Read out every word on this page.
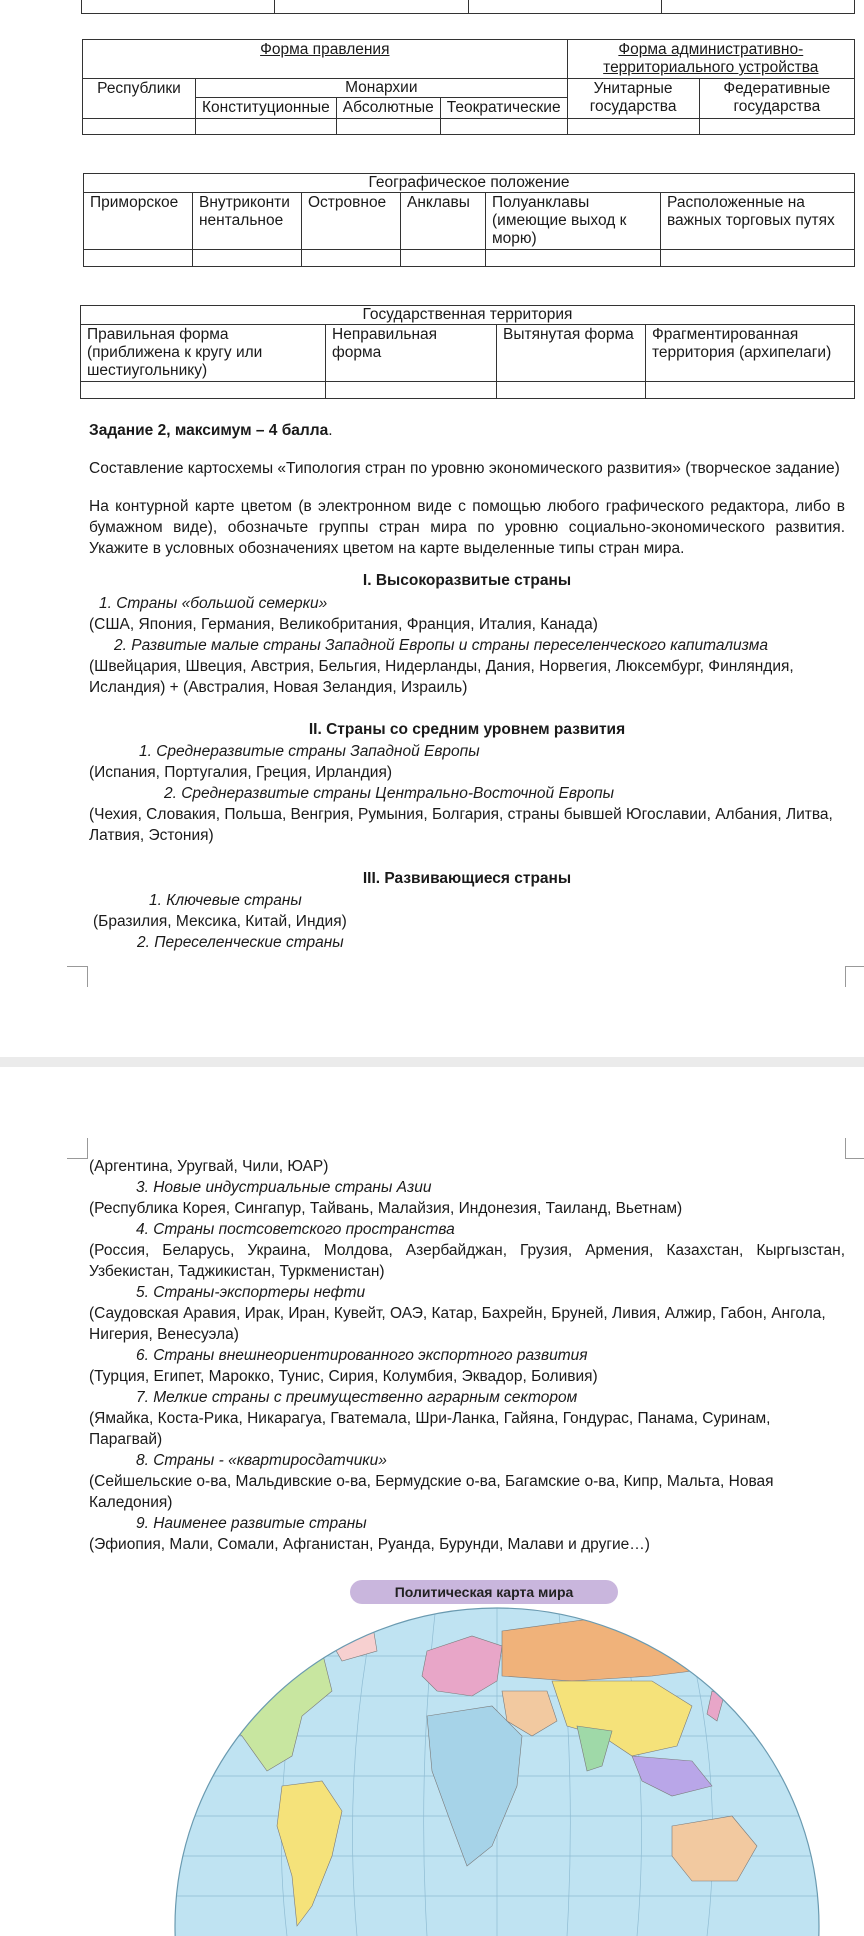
Форма правления				Форма административно-территориального устройства	
Республики	Монархии			Унитарные государства	Федеративные государства
	Конституционные	Абсолютные	Теократические		

Географическое положение					
Приморское	Внутриконти нентальное	Островное	Анклавы	Полуанклавы (имеющие выход к морю)	Расположенные на важных торговых путях

Государственная территория			
Правильная форма (приближена к кругу или шестиугольнику)	Неправильная форма	Вытянутая форма	Фрагментированная территория (архипелаги)

Задание 2, максимум – 4 балла.
Составление картосхемы «Типология стран по уровню экономического развития» (творческое задание)
На контурной карте цветом (в электронном виде с помощью любого графического редактора, либо в бумажном виде), обозначьте группы стран мира по уровню социально-экономического развития. Укажите в условных обозначениях цветом на карте выделенные типы стран мира.
I. Высокоразвитые страны
1. Страны «большой семерки»
(США, Япония, Германия, Великобритания, Франция, Италия, Канада)
2. Развитые малые страны Западной Европы и страны переселенческого капитализма
(Швейцария, Швеция, Австрия, Бельгия, Нидерланды, Дания, Норвегия, Люксембург, Финляндия, Исландия) + (Австралия, Новая Зеландия, Израиль)
II. Страны со средним уровнем развития
1. Среднеразвитые страны Западной Европы
(Испания, Португалия, Греция, Ирландия)
2. Среднеразвитые страны Центрально-Восточной Европы
(Чехия, Словакия, Польша, Венгрия, Румыния, Болгария, страны бывшей Югославии, Албания, Литва, Латвия, Эстония)
III. Развивающиеся страны
1. Ключевые страны
(Бразилия, Мексика, Китай, Индия)
2. Переселенческие страны
(Аргентина, Уругвай, Чили, ЮАР)
3. Новые индустриальные страны Азии
(Республика Корея, Сингапур, Тайвань, Малайзия, Индонезия, Таиланд, Вьетнам)
4. Страны постсоветского пространства
(Россия, Беларусь, Украина, Молдова, Азербайджан, Грузия, Армения, Казахстан, Кыргызстан, Узбекистан, Таджикистан, Туркменистан)
5. Страны-экспортеры нефти
(Саудовская Аравия, Ирак, Иран, Кувейт, ОАЭ, Катар, Бахрейн, Бруней, Ливия, Алжир, Габон, Ангола, Нигерия, Венесуэла)
6. Страны внешнеориентированного экспортного развития
(Турция, Египет, Марокко, Тунис, Сирия, Колумбия, Эквадор, Боливия)
7. Мелкие страны с преимущественно аграрным сектором
(Ямайка, Коста-Рика, Никарагуа, Гватемала, Шри-Ланка, Гайяна, Гондурас, Панама, Суринам, Парагвай)
8. Страны - «квартиросдатчики»
(Сейшельские о-ва, Мальдивские о-ва, Бермудские о-ва, Багамские о-ва, Кипр, Мальта, Новая Каледония)
9. Наименее развитые страны
(Эфиопия, Мали, Сомали, Афганистан, Руанда, Бурунди, Малави и другие…)
Политическая карта мира
